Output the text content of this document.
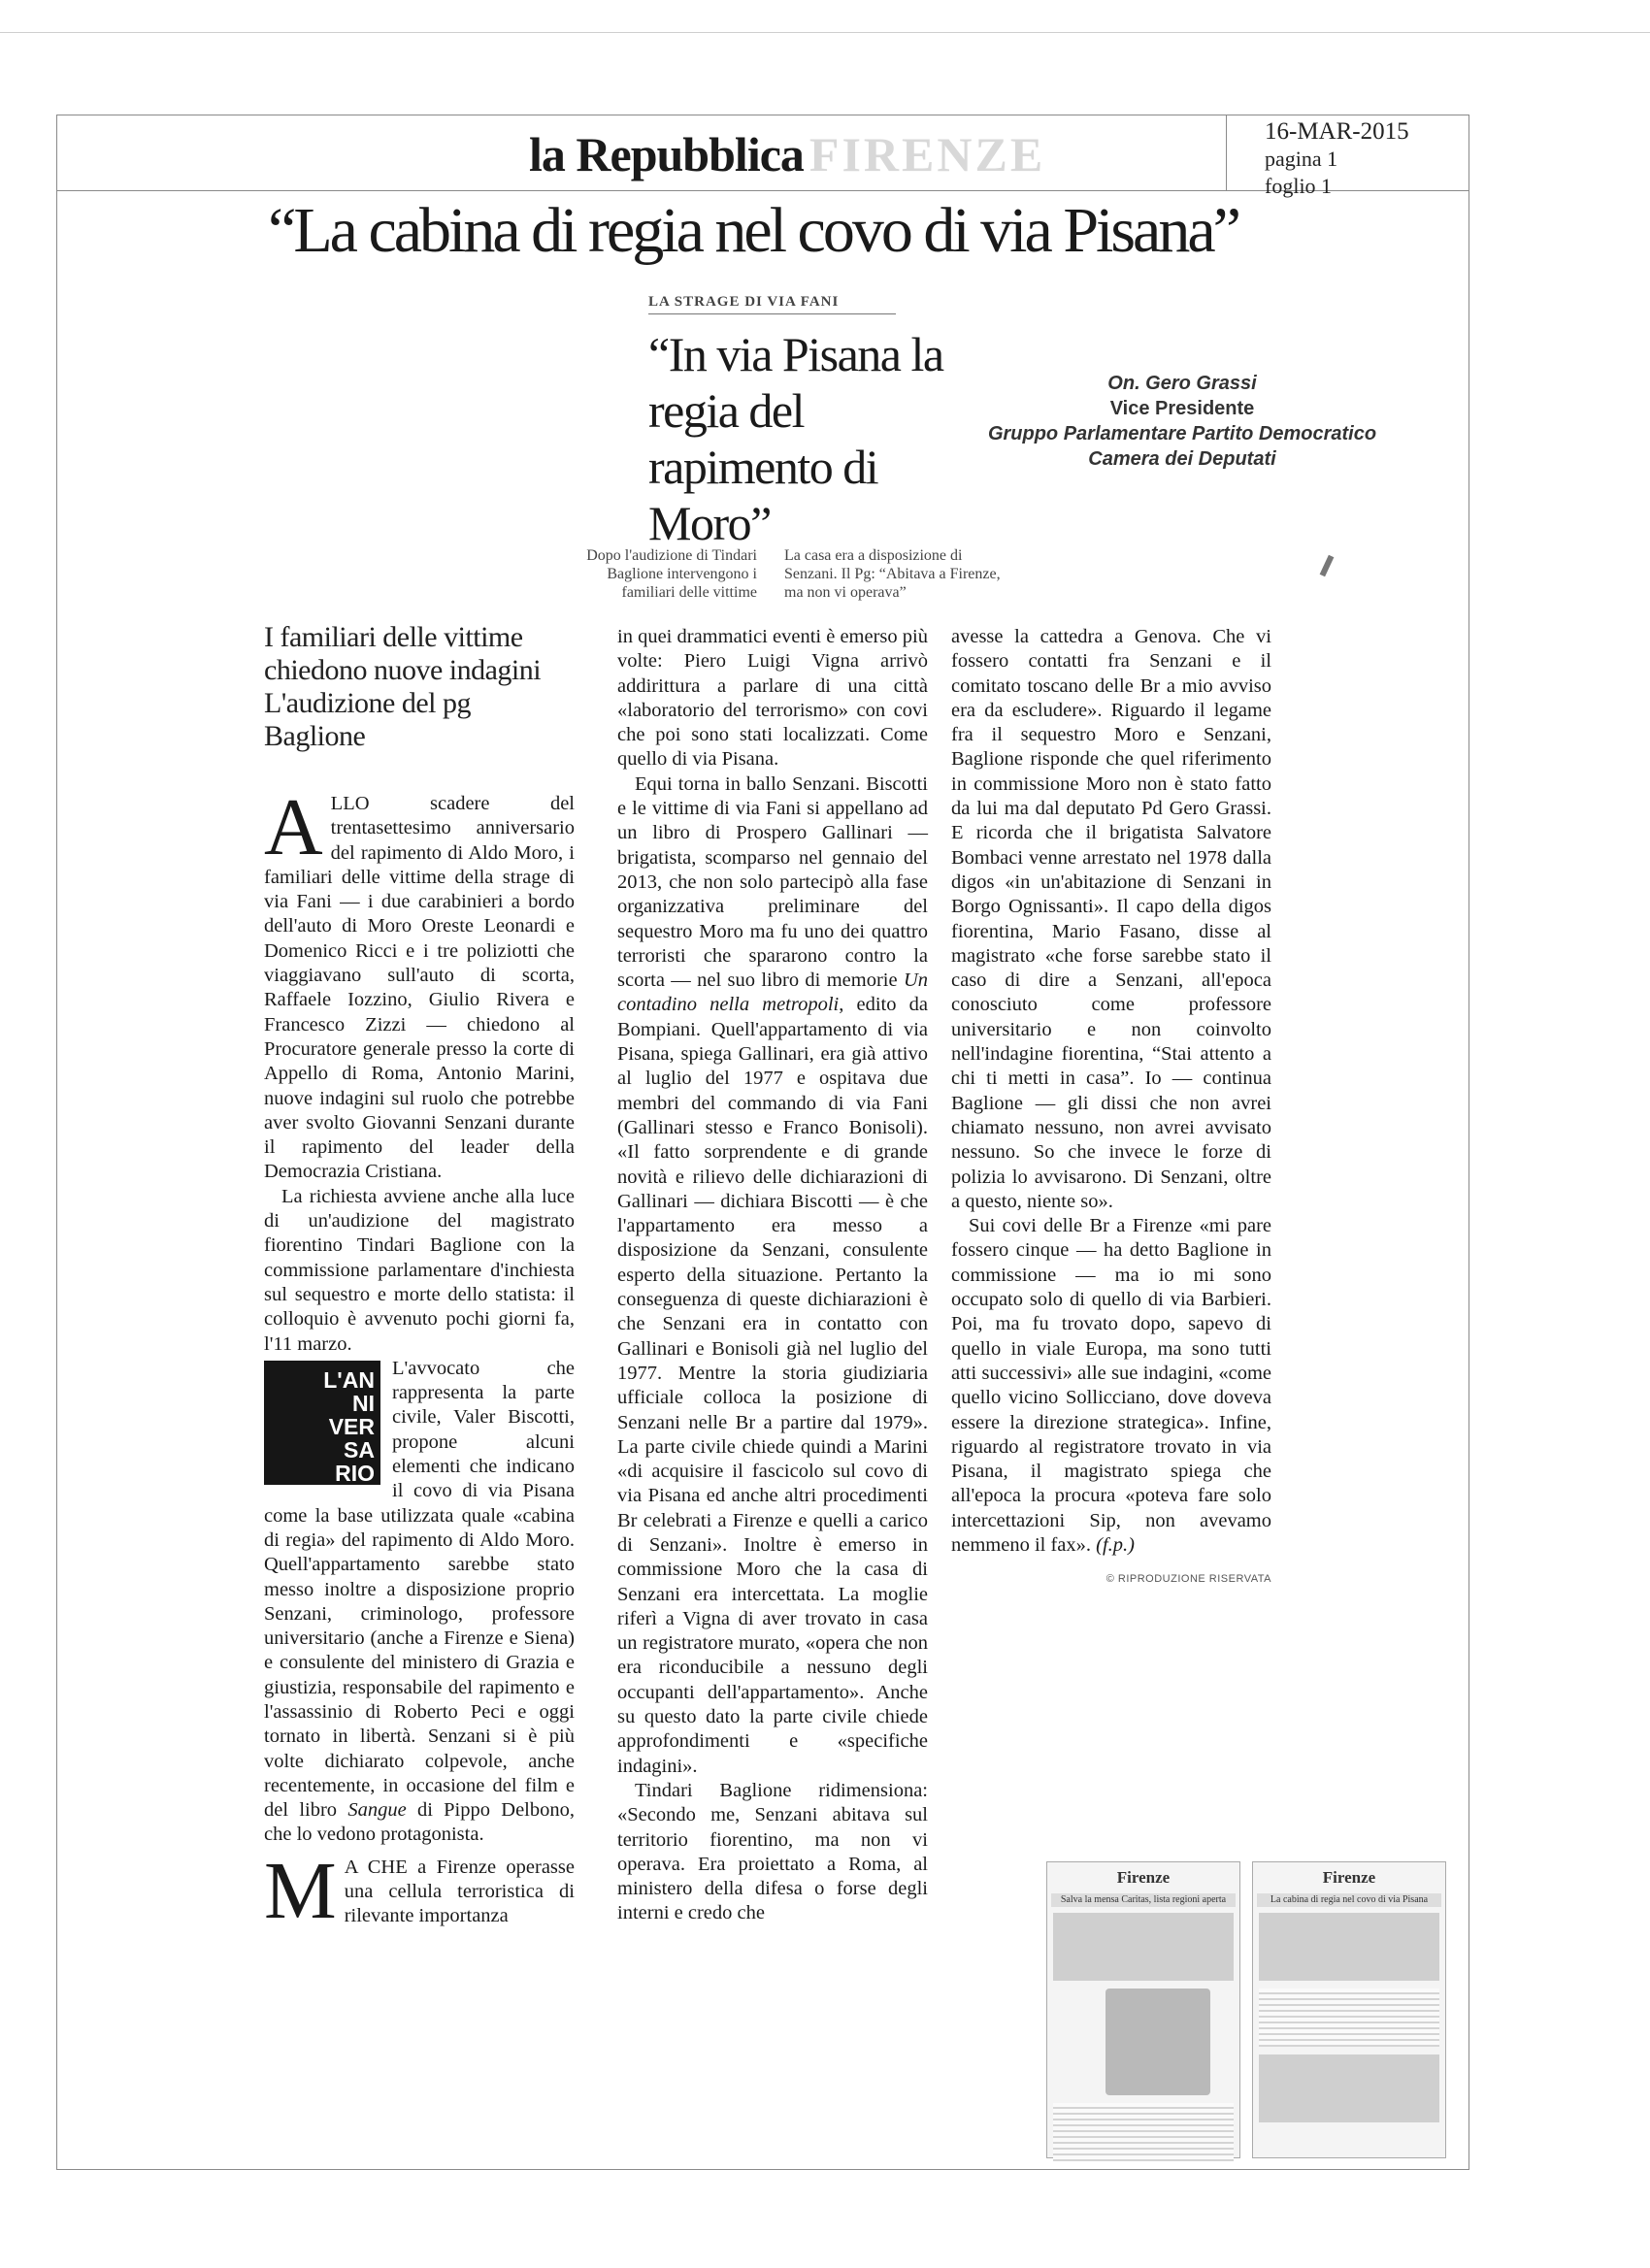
la Repubblica FIRENZE	16-MAR-2015
pagina 1
foglio 1
“La cabina di regia nel covo di via Pisana”
LA STRAGE DI VIA FANI
“In via Pisana la regia del rapimento di Moro”
Dopo l'audizione di Tindari Baglione intervengono i familiari delle vittime
La casa era a disposizione di Senzani. Il Pg: “Abitava a Firenze, ma non vi operava”
On. Gero Grassi
Vice Presidente
Gruppo Parlamentare Partito Democratico
Camera dei Deputati
I familiari delle vittime chiedono nuove indagini L'audizione del pg Baglione

ALLO scadere del trentasettesimo anniversario del rapimento di Aldo Moro, i familiari delle vittime della strage di via Fani — i due carabinieri a bordo dell'auto di Moro Oreste Leonardi e Domenico Ricci e i tre poliziotti che viaggiavano sull'auto di scorta, Raffaele Iozzino, Giulio Rivera e Francesco Zizzi — chiedono al Procuratore generale presso la corte di Appello di Roma, Antonio Marini, nuove indagini sul ruolo che potrebbe aver svolto Giovanni Senzani durante il rapimento del leader della Democrazia Cristiana.

La richiesta avviene anche alla luce di un'audizione del magistrato fiorentino Tindari Baglione con la commissione parlamentare d'inchiesta sul sequestro e morte dello statista: il colloquio è avvenuto pochi giorni fa, l'11 marzo.

L'AN
NI
VER
SA
RIO

L'avvocato che rappresenta la parte civile, Valer Biscotti, propone alcuni elementi che indicano il covo di via Pisana come la base utilizzata quale «cabina di regia» del rapimento di Aldo Moro. Quell'appartamento sarebbe stato messo inoltre a disposizione proprio Senzani, criminologo, professore universitario (anche a Firenze e Siena) e consulente del ministero di Grazia e giustizia, responsabile del rapimento e l'assassinio di Roberto Peci e oggi tornato in libertà. Senzani si è più volte dichiarato colpevole, anche recentemente, in occasione del film e del libro Sangue di Pippo Delbono, che lo vedono protagonista.

M A CHE a Firenze operasse una cellula terroristica di rilevante importanza

in quei drammatici eventi è emerso più volte: Piero Luigi Vigna arrivò addirittura a parlare di una città «laboratorio del terrorismo» con covi che poi sono stati localizzati. Come quello di via Pisana.

Equi torna in ballo Senzani. Biscotti e le vittime di via Fani si appellano ad un libro di Prospero Gallinari — brigatista, scomparso nel gennaio del 2013, che non solo partecipò alla fase organizzativa preliminare del sequestro Moro ma fu uno dei quattro terroristi che spararono contro la scorta — nel suo libro di memorie Un contadino nella metropoli, edito da Bompiani. Quell'appartamento di via Pisana, spiega Gallinari, era già attivo al luglio del 1977 e ospitava due membri del commando di via Fani (Gallinari stesso e Franco Bonisoli). «Il fatto sorprendente e di grande novità e rilievo delle dichiarazioni di Gallinari — dichiara Biscotti — è che l'appartamento era messo a disposizione da Senzani, consulente esperto della situazione. Pertanto la conseguenza di queste dichiarazioni è che Senzani era in contatto con Gallinari e Bonisoli già nel luglio del 1977. Mentre la storia giudiziaria ufficiale colloca la posizione di Senzani nelle Br a partire dal 1979». La parte civile chiede quindi a Marini «di acquisire il fascicolo sul covo di via Pisana ed anche altri procedimenti Br celebrati a Firenze e quelli a carico di Senzani». Inoltre è emerso in commissione Moro che la casa di Senzani era intercettata. La moglie riferì a Vigna di aver trovato in casa un registratore murato, «opera che non era riconducibile a nessuno degli occupanti dell'appartamento». Anche su questo dato la parte civile chiede approfondimenti e «specifiche indagini».

Tindari Baglione ridimensiona: «Secondo me, Senzani abitava sul territorio fiorentino, ma non vi operava. Era proiettato a Roma, al ministero della difesa o forse degli interni e credo che

avesse la cattedra a Genova. Che vi fossero contatti fra Senzani e il comitato toscano delle Br a mio avviso era da escludere». Riguardo il legame fra il sequestro Moro e Senzani, Baglione risponde che quel riferimento in commissione Moro non è stato fatto da lui ma dal deputato Pd Gero Grassi. E ricorda che il brigatista Salvatore Bombaci venne arrestato nel 1978 dalla digos «in un'abitazione di Senzani in Borgo Ognissanti». Il capo della digos fiorentina, Mario Fasano, disse al magistrato «che forse sarebbe stato il caso di dire a Senzani, all'epoca conosciuto come professore universitario e non coinvolto nell'indagine fiorentina, “Stai attento a chi ti metti in casa”. Io — continua Baglione — gli dissi che non avrei chiamato nessuno, non avrei avvisato nessuno. So che invece le forze di polizia lo avvisarono. Di Senzani, oltre a questo, niente so».

Sui covi delle Br a Firenze «mi pare fossero cinque — ha detto Baglione in commissione — ma io mi sono occupato solo di quello di via Barbieri. Poi, ma fu trovato dopo, sapevo di quello in viale Europa, ma sono tutti atti successivi» alle sue indagini, «come quello vicino Sollicciano, dove doveva essere la direzione strategica». Infine, riguardo al registratore trovato in via Pisana, il magistrato spiega che all'epoca la procura «poteva fare solo intercettazioni Sip, non avevamo nemmeno il fax». (f.p.)

© RIPRODUZIONE RISERVATA
Firenze
Salva la mensa Caritas, lista regioni aperta
Firenze
La cabina di regia nel covo di via Pisana
